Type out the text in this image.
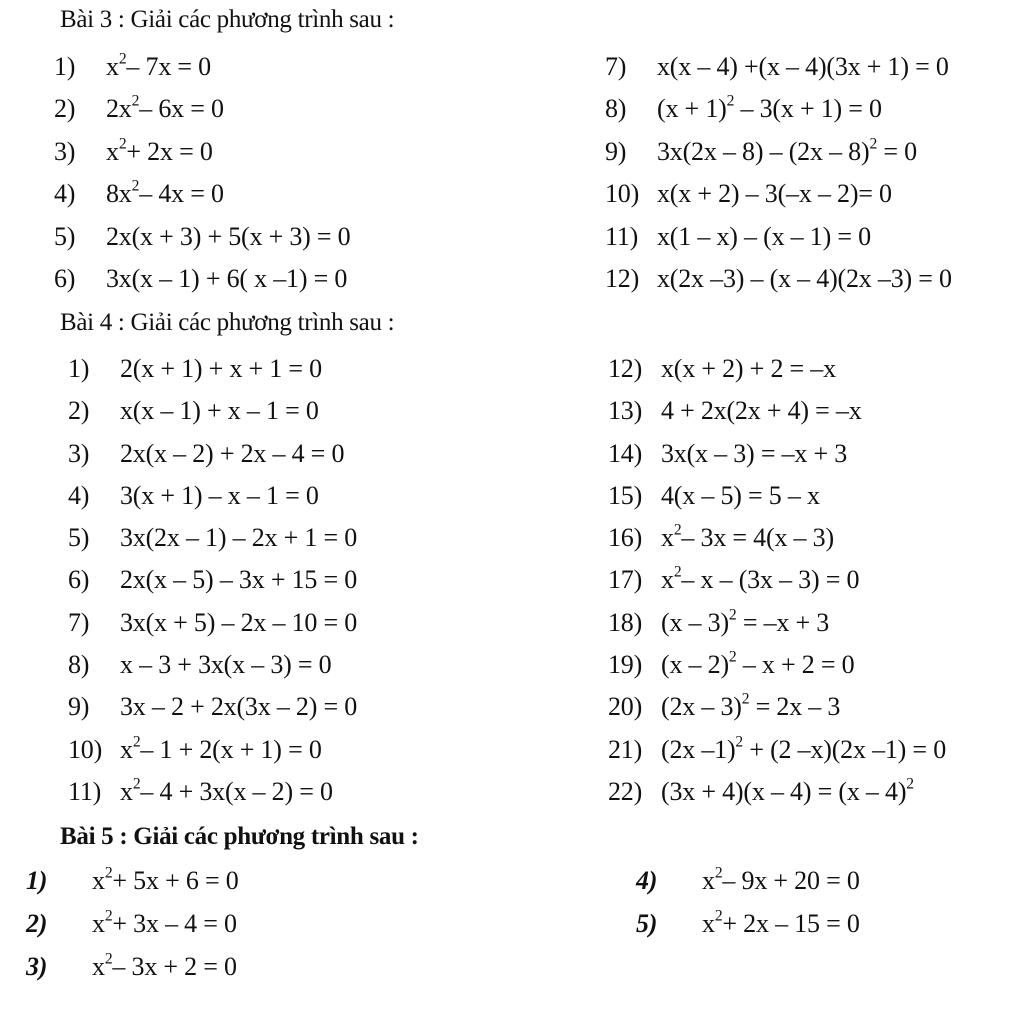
Bài 3 : Giải các phương trình sau :
1)	$x^2-$ 7x = 0
2)	$2x^2-$ 6x = 0
3)	$x^2+ 2x = 0$
4)	$8x^2-$ 4x = 0
5)	2x(x + 3) + 5(x + 3) = 0
6)	3x(x – 1) + 6( x –1) = 0
7)	x(x – 4) +(x – 4)(3x + 1) = 0
8)	$(x + 1)^2 - 3(x + 1) = 0$
9)	3x(2x – 8) – (2x – 8)$^2$ = 0
10) x(x + 2) – 3(–x – 2)= 0
11) x(1 – x) – (x – 1) = 0
12) x(2x –3) – (x – 4)(2x –3) = 0
Bài 4 : Giải các phương trình sau :
1)	2(x + 1) + x + 1 = 0
2)	x(x – 1) + x – 1 = 0
3)	2x(x – 2) + 2x – 4 = 0
4)	3(x + 1) – x – 1 = 0
5)	3x(2x – 1) – 2x + 1 = 0
6)	2x(x – 5) – 3x + 15 = 0
7)	3x(x + 5) – 2x – 10 = 0
8)	x – 3 + 3x(x – 3) = 0
9)	3x – 2 + 2x(3x – 2) = 0
10) $x^2-$ 1 + 2(x + 1) = 0
11) $x^2-$ 4 + 3x(x – 2) = 0
12) x(x + 2) + 2 = –x
13) 4 + 2x(2x + 4) = –x
14) 3x(x – 3) = –x + 3
15) 4(x – 5) = 5 – x
16) $x^2-$ 3x = 4(x – 3)
17) $x^2-$ x – (3x – 3) = 0
18) (x – 3)$^2$ = –x + 3
19) (x – 2)$^2$ – x + 2 = 0
20) (2x – 3)$^2$ = 2x – 3
21) (2x –1)$^2$ + (2 –x)(2x –1) = 0
22) (3x + 4)(x – 4) = (x – 4)$^2$
Bài 5 : Giải các phương trình sau :
1)	$x^2+ 5x + 6 = 0$
2)	$x^2+ 3x - 4 = 0$
3)	$x^2-$ 3x + 2 = 0
4)	$x^2-$ 9x + 20 = 0
5)	$x^2+ 2x - 15 = 0$
